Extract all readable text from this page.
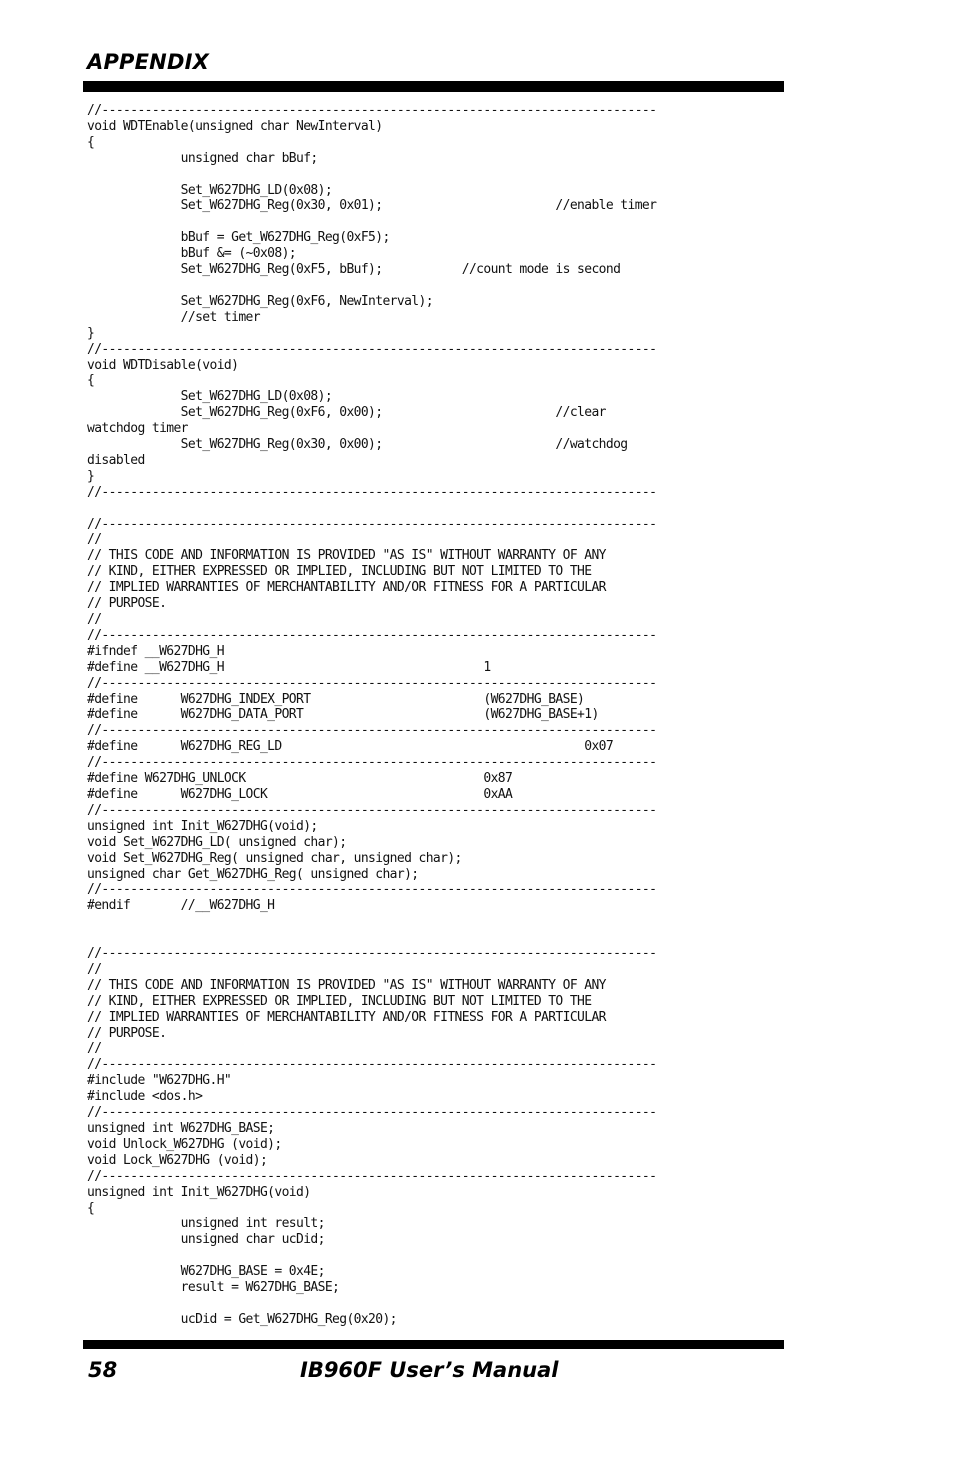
APPENDIX
//-----------------------------------------------------------------------------
void WDTEnable(unsigned char NewInterval)
{
unsigned char bBuf;
Set_W627DHG_LD(0x08);
Set_W627DHG_Reg(0x30, 0x01);                        //enable timer
bBuf = Get_W627DHG_Reg(0xF5);
bBuf &= (~0x08);
Set_W627DHG_Reg(0xF5, bBuf);           //count mode is second
Set_W627DHG_Reg(0xF6, NewInterval);
//set timer
}
//-----------------------------------------------------------------------------
void WDTDisable(void)
{
Set_W627DHG_LD(0x08);
Set_W627DHG_Reg(0xF6, 0x00);                        //clear
watchdog timer
Set_W627DHG_Reg(0x30, 0x00);                        //watchdog
disabled
}
//-----------------------------------------------------------------------------
//-----------------------------------------------------------------------------
//
// THIS CODE AND INFORMATION IS PROVIDED "AS IS" WITHOUT WARRANTY OF ANY
// KIND, EITHER EXPRESSED OR IMPLIED, INCLUDING BUT NOT LIMITED TO THE
// IMPLIED WARRANTIES OF MERCHANTABILITY AND/OR FITNESS FOR A PARTICULAR
// PURPOSE.
//
//-----------------------------------------------------------------------------
#ifndef __W627DHG_H
#define __W627DHG_H                                    1
//-----------------------------------------------------------------------------
#define      W627DHG_INDEX_PORT                        (W627DHG_BASE)
#define      W627DHG_DATA_PORT                         (W627DHG_BASE+1)
//-----------------------------------------------------------------------------
#define      W627DHG_REG_LD                                          0x07
//-----------------------------------------------------------------------------
#define W627DHG_UNLOCK                                 0x87
#define      W627DHG_LOCK                              0xAA
//-----------------------------------------------------------------------------
unsigned int Init_W627DHG(void);
void Set_W627DHG_LD( unsigned char);
void Set_W627DHG_Reg( unsigned char, unsigned char);
unsigned char Get_W627DHG_Reg( unsigned char);
//-----------------------------------------------------------------------------
#endif       //__W627DHG_H
//-----------------------------------------------------------------------------
//
// THIS CODE AND INFORMATION IS PROVIDED "AS IS" WITHOUT WARRANTY OF ANY
// KIND, EITHER EXPRESSED OR IMPLIED, INCLUDING BUT NOT LIMITED TO THE
// IMPLIED WARRANTIES OF MERCHANTABILITY AND/OR FITNESS FOR A PARTICULAR
// PURPOSE.
//
//-----------------------------------------------------------------------------
#include "W627DHG.H"
#include <dos.h>
//-----------------------------------------------------------------------------
unsigned int W627DHG_BASE;
void Unlock_W627DHG (void);
void Lock_W627DHG (void);
//-----------------------------------------------------------------------------
unsigned int Init_W627DHG(void)
{
unsigned int result;
unsigned char ucDid;
W627DHG_BASE = 0x4E;
result = W627DHG_BASE;
ucDid = Get_W627DHG_Reg(0x20);
58	IB960F User’s Manual
